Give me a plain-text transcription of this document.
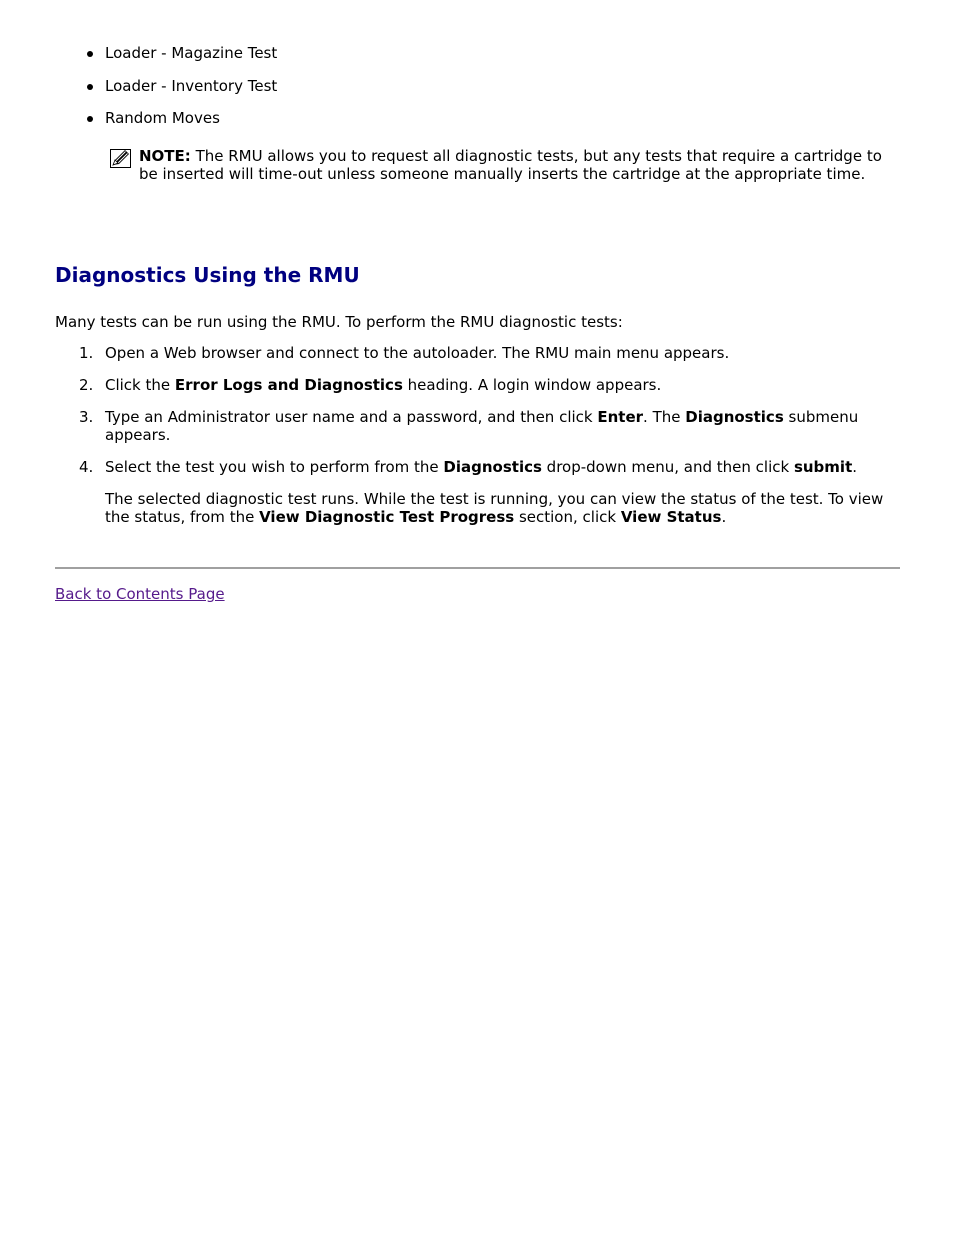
Loader - Magazine Test
Loader - Inventory Test
Random Moves
NOTE: The RMU allows you to request all diagnostic tests, but any tests that require a cartridge to be inserted will time-out unless someone manually inserts the cartridge at the appropriate time.
Diagnostics Using the RMU

Many tests can be run using the RMU. To perform the RMU diagnostic tests:

1. Open a Web browser and connect to the autoloader. The RMU main menu appears.
2. Click the Error Logs and Diagnostics heading. A login window appears.
3. Type an Administrator user name and a password, and then click Enter. The Diagnostics submenu appears.
4. Select the test you wish to perform from the Diagnostics drop-down menu, and then click submit.
The selected diagnostic test runs. While the test is running, you can view the status of the test. To view the status, from the View Diagnostic Test Progress section, click View Status.
Back to Contents Page
